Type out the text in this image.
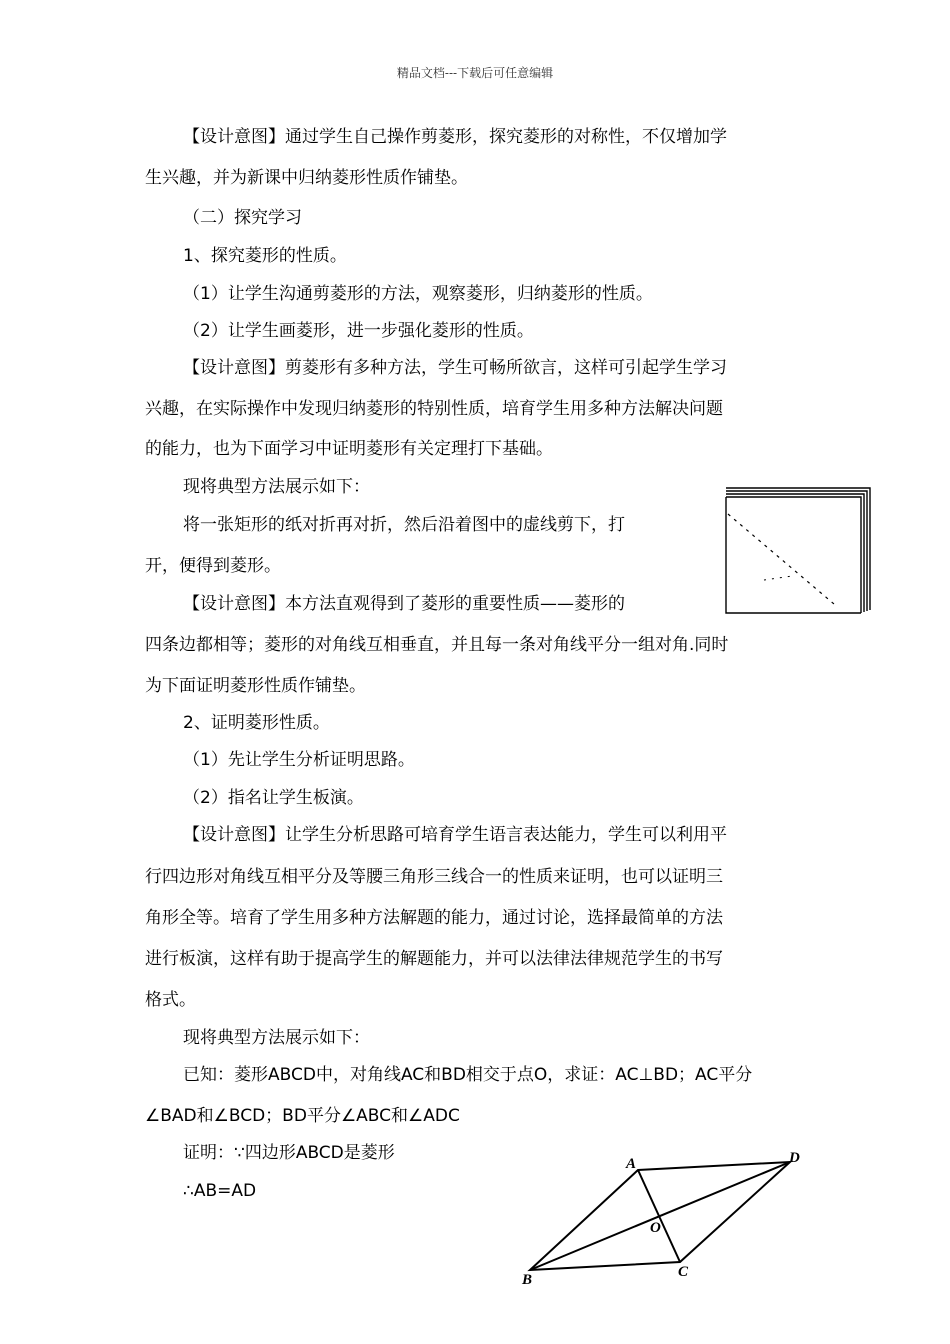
精品文档---下载后可任意编辑
【设计意图】通过学生自己操作剪菱形，探究菱形的对称性，不仅增加学
生兴趣，并为新课中归纳菱形性质作铺垫。
（二）探究学习
1、探究菱形的性质。
（1）让学生沟通剪菱形的方法，观察菱形，归纳菱形的性质。
（2）让学生画菱形，进一步强化菱形的性质。
【设计意图】剪菱形有多种方法，学生可畅所欲言，这样可引起学生学习
兴趣，在实际操作中发现归纳菱形的特别性质，培育学生用多种方法解决问题
的能力，也为下面学习中证明菱形有关定理打下基础。
现将典型方法展示如下：
将一张矩形的纸对折再对折，然后沿着图中的虚线剪下，打
开，便得到菱形。
【设计意图】本方法直观得到了菱形的重要性质——菱形的
四条边都相等；菱形的对角线互相垂直，并且每一条对角线平分一组对角.同时
为下面证明菱形性质作铺垫。
2、证明菱形性质。
（1）先让学生分析证明思路。
（2）指名让学生板演。
【设计意图】让学生分析思路可培育学生语言表达能力，学生可以利用平
行四边形对角线互相平分及等腰三角形三线合一的性质来证明，也可以证明三
角形全等。培育了学生用多种方法解题的能力，通过讨论，选择最简单的方法
进行板演，这样有助于提高学生的解题能力，并可以法律法律规范学生的书写
格式。
现将典型方法展示如下：
已知：菱形ABCD中，对角线AC和BD相交于点O，求证：AC⊥BD；AC平分
∠BAD和∠BCD；BD平分∠ABC和∠ADC
证明：∵四边形ABCD是菱形
∴AB=AD
A
B	C
D
O
